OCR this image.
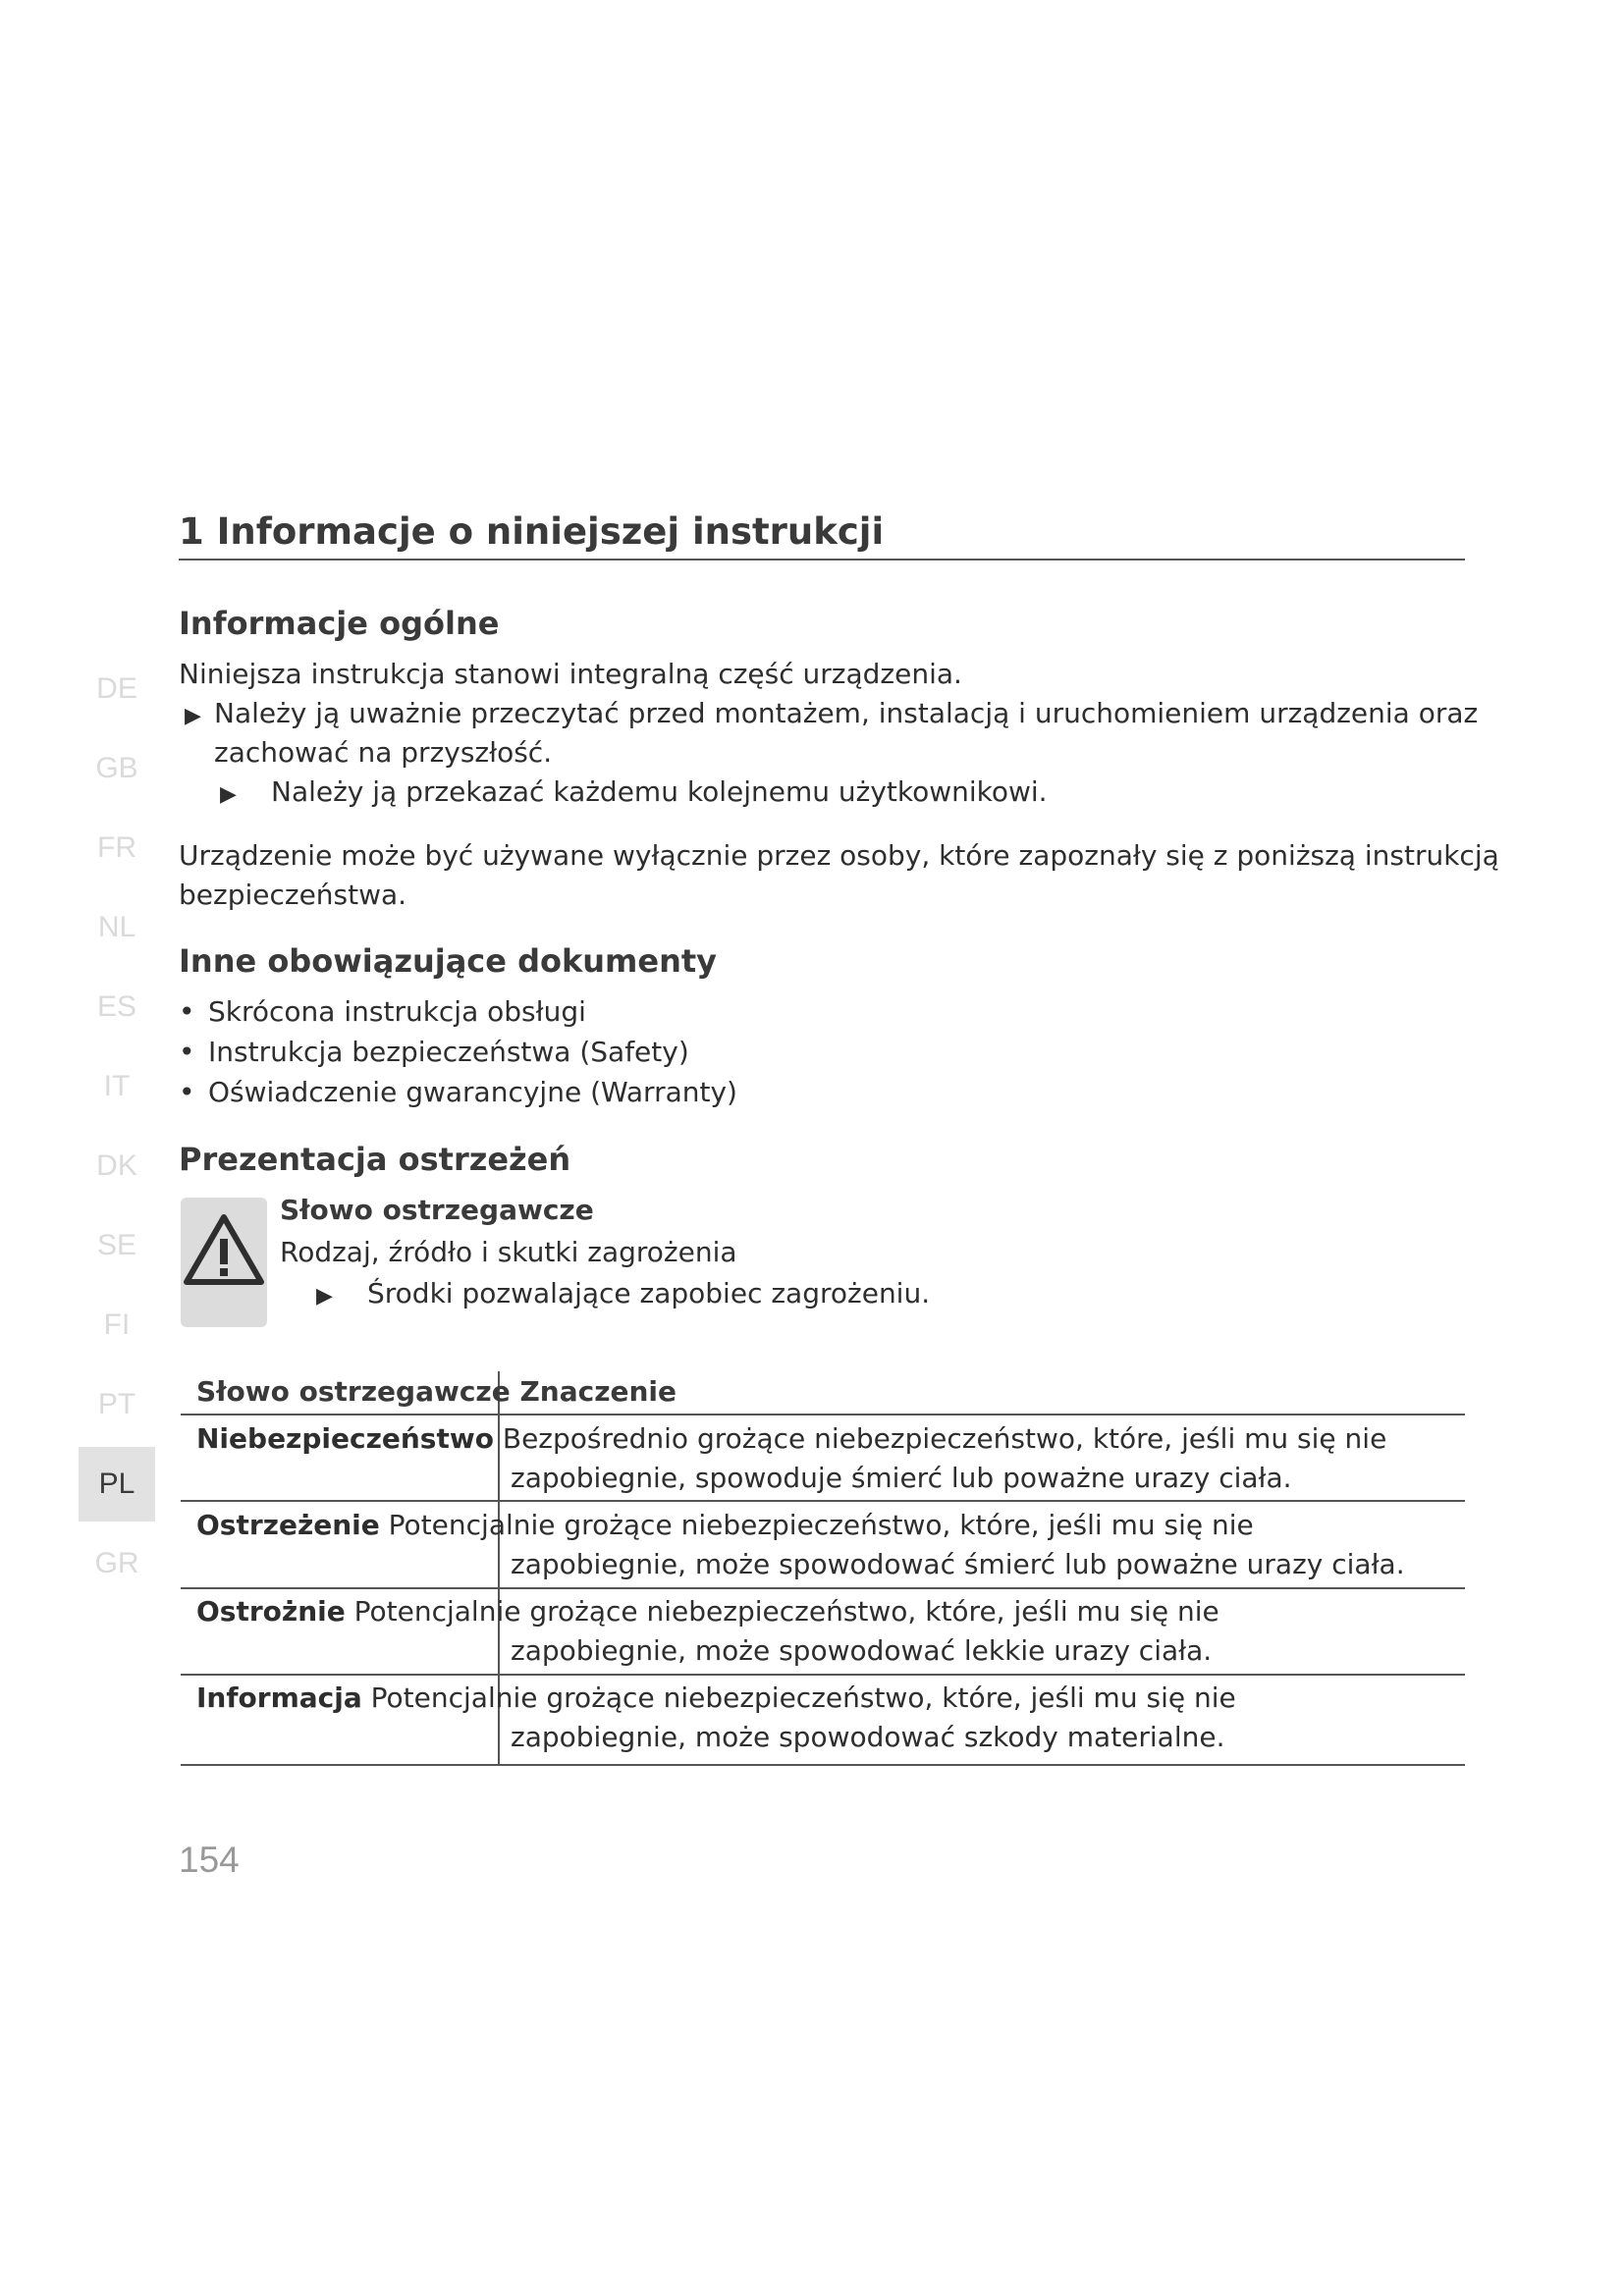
DE
GB
FR
NL
ES
IT
DK
SE
FI
PT
PL
GR
1 Informacje o niniejszej instrukcji
Informacje ogólne
Niniejsza instrukcja stanowi integralną część urządzenia.
▶ Należy ją uważnie przeczytać przed montażem, instalacją i uruchomieniem urządzenia oraz
zachować na przyszłość.
▶ Należy ją przekazać każdemu kolejnemu użytkownikowi.
Urządzenie może być używane wyłącznie przez osoby, które zapoznały się z poniższą instrukcją
bezpieczeństwa.
Inne obowiązujące dokumenty
• Skrócona instrukcja obsługi
• Instrukcja bezpieczeństwa (Safety)
• Oświadczenie gwarancyjne (Warranty)
Prezentacja ostrzeżeń
Słowo ostrzegawcze
Rodzaj, źródło i skutki zagrożenia
▶ Środki pozwalające zapobiec zagrożeniu.
Słowo ostrzegawcze Znaczenie
Niebezpieczeństwo Bezpośrednio grożące niebezpieczeństwo, które, jeśli mu się nie
zapobiegnie, spowoduje śmierć lub poważne urazy ciała.
Ostrzeżenie Potencjalnie grożące niebezpieczeństwo, które, jeśli mu się nie
zapobiegnie, może spowodować śmierć lub poważne urazy ciała.
Ostrożnie Potencjalnie grożące niebezpieczeństwo, które, jeśli mu się nie
zapobiegnie, może spowodować lekkie urazy ciała.
Informacja Potencjalnie grożące niebezpieczeństwo, które, jeśli mu się nie
zapobiegnie, może spowodować szkody materialne.
154
